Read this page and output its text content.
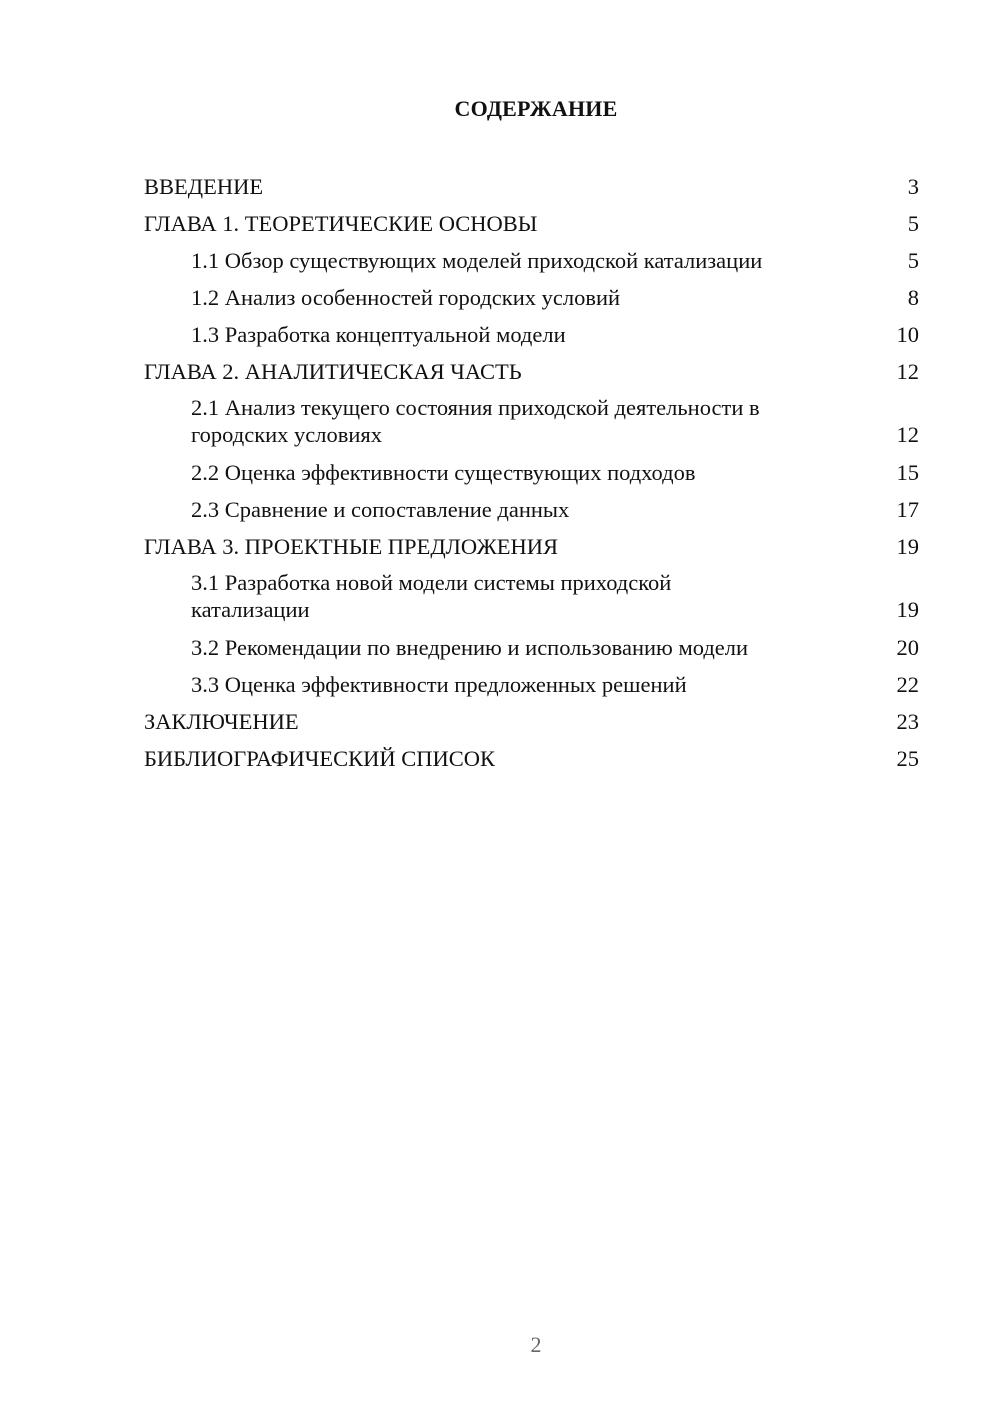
СОДЕРЖАНИЕ
ВВЕДЕНИЕ	3
ГЛАВА 1. ТЕОРЕТИЧЕСКИЕ ОСНОВЫ	5
1.1 Обзор существующих моделей приходской катализации	5
1.2 Анализ особенностей городских условий	8
1.3 Разработка концептуальной модели	10
ГЛАВА 2. АНАЛИТИЧЕСКАЯ ЧАСТЬ	12
2.1 Анализ текущего состояния приходской деятельности в городских условиях	12
2.2 Оценка эффективности существующих подходов	15
2.3 Сравнение и сопоставление данных	17
ГЛАВА 3. ПРОЕКТНЫЕ ПРЕДЛОЖЕНИЯ	19
3.1 Разработка новой модели системы приходской катализации	19
3.2 Рекомендации по внедрению и использованию модели	20
3.3 Оценка эффективности предложенных решений	22
ЗАКЛЮЧЕНИЕ	23
БИБЛИОГРАФИЧЕСКИЙ СПИСОК	25
2
